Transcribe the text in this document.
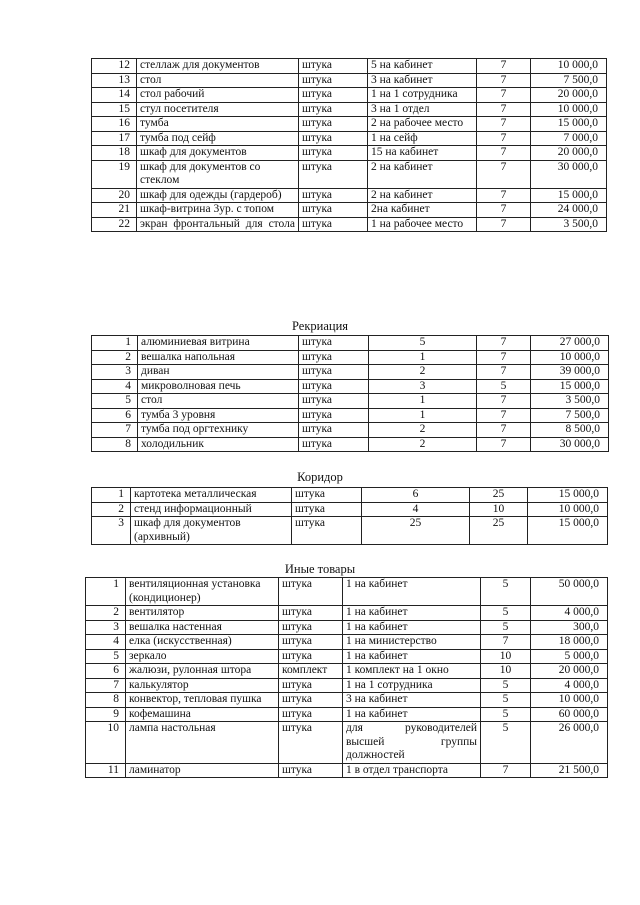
12	стеллаж для документов	штука	5 на кабинет	7	10 000,0
13	стол	штука	3 на кабинет	7	7 500,0
14	стол рабочий	штука	1 на 1 сотрудника	7	20 000,0
15	стул посетителя	штука	3 на 1 отдел	7	10 000,0
16	тумба	штука	2 на рабочее место	7	15 000,0
17	тумба под сейф	штука	1 на сейф	7	7 000,0
18	шкаф для документов	штука	15 на кабинет	7	20 000,0
19	шкаф для документов со стеклом	штука	2 на кабинет	7	30 000,0
20	шкаф для одежды (гардероб)	штука	2 на кабинет	7	15 000,0
21	шкаф-витрина 3ур. с топом	штука	2на кабинет	7	24 000,0
22	экран фронтальный для стола	штука	1 на рабочее место	7	3 500,0
Рекриация
1	алюминиевая витрина	штука	5	7	27 000,0
2	вешалка напольная	штука	1	7	10 000,0
3	диван	штука	2	7	39 000,0
4	микроволновая печь	штука	3	5	15 000,0
5	стол	штука	1	7	3 500,0
6	тумба 3 уровня	штука	1	7	7 500,0
7	тумба под оргтехнику	штука	2	7	8 500,0
8	холодильник	штука	2	7	30 000,0
Коридор
1	картотека металлическая	штука	6	25	15 000,0
2	стенд информационный	штука	4	10	10 000,0
3	шкаф для документов (архивный)	штука	25	25	15 000,0
Иные товары
1	вентиляционная установка (кондиционер)	штука	1 на кабинет	5	50 000,0
2	вентилятор	штука	1 на кабинет	5	4 000,0
3	вешалка настенная	штука	1 на кабинет	5	300,0
4	елка (искусственная)	штука	1 на министерство	7	18 000,0
5	зеркало	штука	1 на кабинет	10	5 000,0
6	жалюзи, рулонная штора	комплект	1 комплект на 1 окно	10	20 000,0
7	калькулятор	штука	1 на 1 сотрудника	5	4 000,0
8	конвектор, тепловая пушка	штука	3 на кабинет	5	10 000,0
9	кофемашина	штука	1 на кабинет	5	60 000,0
10	лампа настольная	штука	для руководителей высшей группы должностей	5	26 000,0
11	ламинатор	штука	1 в отдел транспорта	7	21 500,0
